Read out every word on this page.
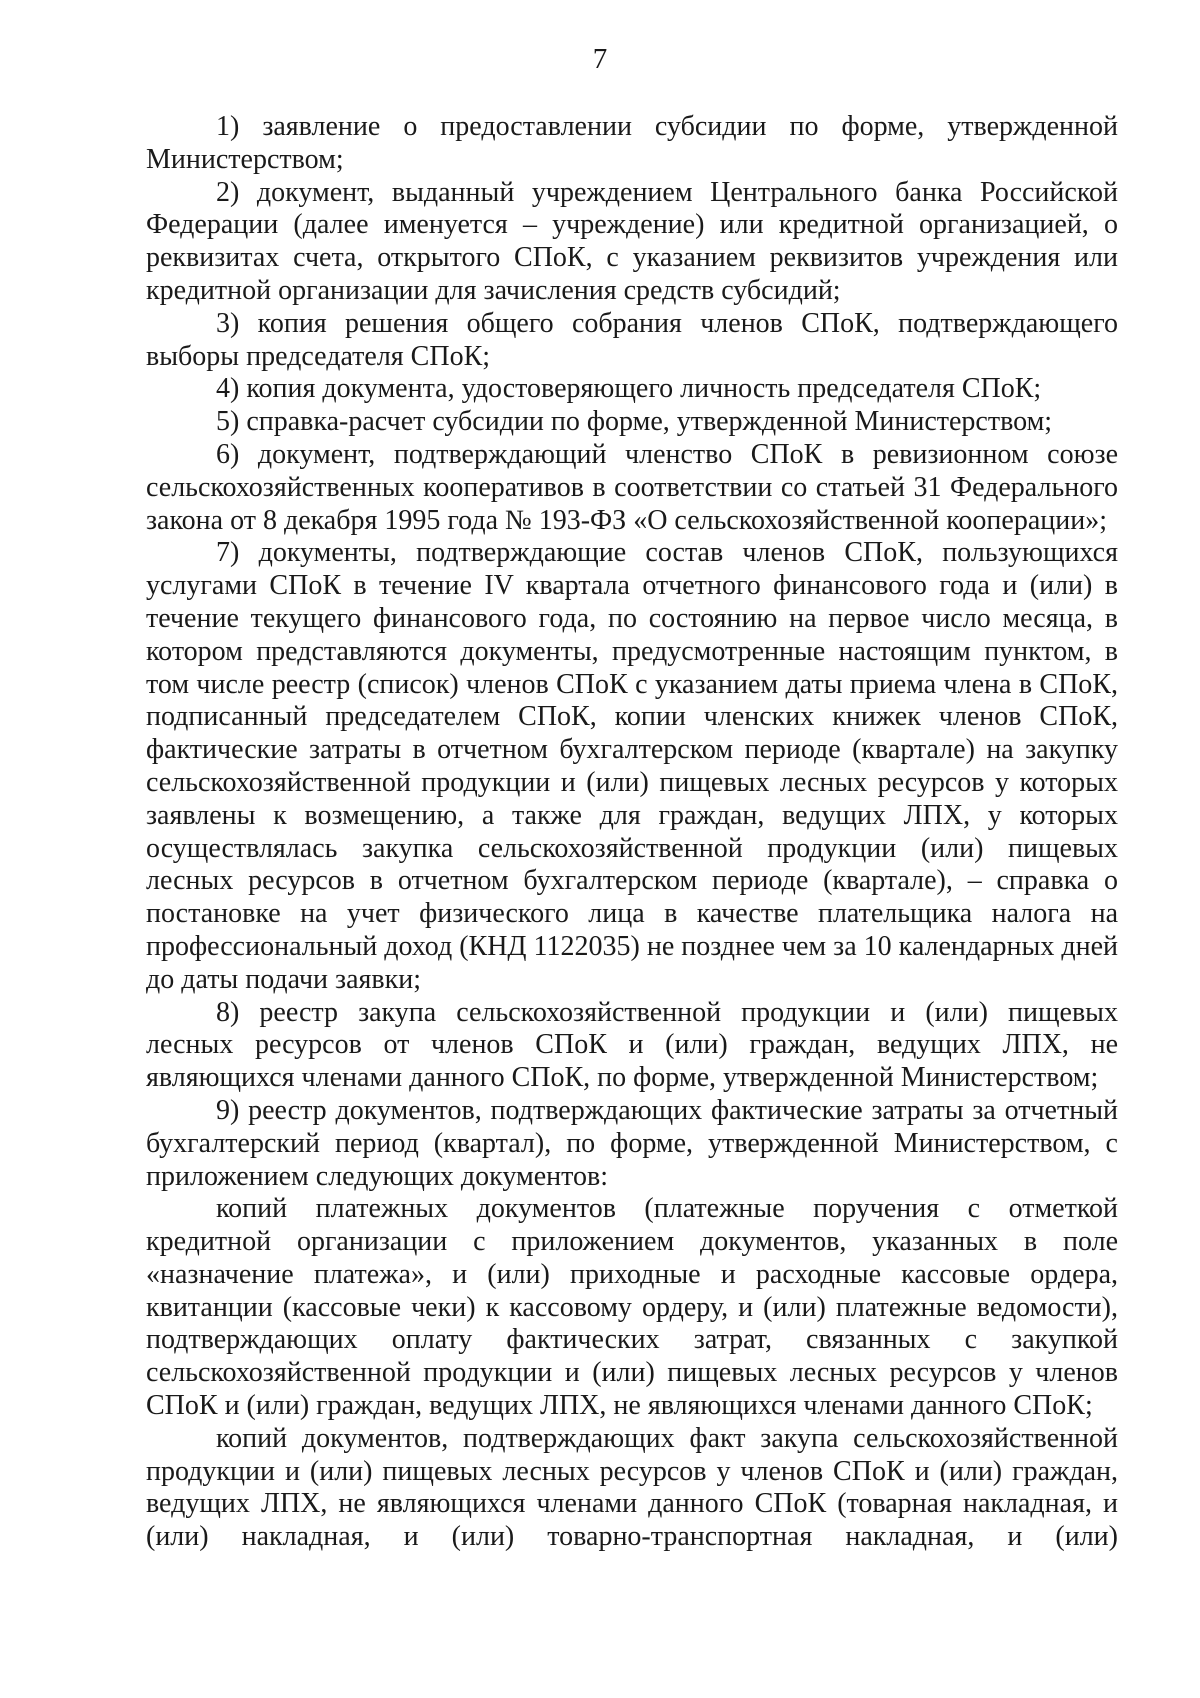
7

1) заявление о предоставлении субсидии по форме, утвержденной Министерством;

2) документ, выданный учреждением Центрального банка Российской Федерации (далее именуется – учреждение) или кредитной организацией, о реквизитах счета, открытого СПоК, с указанием реквизитов учреждения или кредитной организации для зачисления средств субсидий;

3) копия решения общего собрания членов СПоК, подтверждающего выборы председателя СПоК;

4) копия документа, удостоверяющего личность председателя СПоК;

5) справка-расчет субсидии по форме, утвержденной Министерством;

6) документ, подтверждающий членство СПоК в ревизионном союзе сельскохозяйственных кооперативов в соответствии со статьей 31 Федерального закона от 8 декабря 1995 года № 193-ФЗ «О сельскохозяйственной кооперации»;

7) документы, подтверждающие состав членов СПоК, пользующихся услугами СПоК в течение IV квартала отчетного финансового года и (или) в течение текущего финансового года, по состоянию на первое число месяца, в котором представляются документы, предусмотренные настоящим пунктом, в том числе реестр (список) членов СПоК с указанием даты приема члена в СПоК, подписанный председателем СПоК, копии членских книжек членов СПоК, фактические затраты в отчетном бухгалтерском периоде (квартале) на закупку сельскохозяйственной продукции и (или) пищевых лесных ресурсов у которых заявлены к возмещению, а также для граждан, ведущих ЛПХ, у которых осуществлялась закупка сельскохозяйственной продукции (или) пищевых лесных ресурсов в отчетном бухгалтерском периоде (квартале), – справка о постановке на учет физического лица в качестве плательщика налога на профессиональный доход (КНД 1122035) не позднее чем за 10 календарных дней до даты подачи заявки;

8) реестр закупа сельскохозяйственной продукции и (или) пищевых лесных ресурсов от членов СПоК и (или) граждан, ведущих ЛПХ, не являющихся членами данного СПоК, по форме, утвержденной Министерством;

9) реестр документов, подтверждающих фактические затраты за отчетный бухгалтерский период (квартал), по форме, утвержденной Министерством, с приложением следующих документов:

копий платежных документов (платежные поручения с отметкой кредитной организации с приложением документов, указанных в поле «назначение платежа», и (или) приходные и расходные кассовые ордера, квитанции (кассовые чеки) к кассовому ордеру, и (или) платежные ведомости), подтверждающих оплату фактических затрат, связанных с закупкой сельскохозяйственной продукции и (или) пищевых лесных ресурсов у членов СПоК и (или) граждан, ведущих ЛПХ, не являющихся членами данного СПоК;

копий документов, подтверждающих факт закупа сельскохозяйственной продукции и (или) пищевых лесных ресурсов у членов СПоК и (или) граждан, ведущих ЛПХ, не являющихся членами данного СПоК (товарная накладная, и (или) накладная, и (или) товарно-транспортная накладная, и (или)
